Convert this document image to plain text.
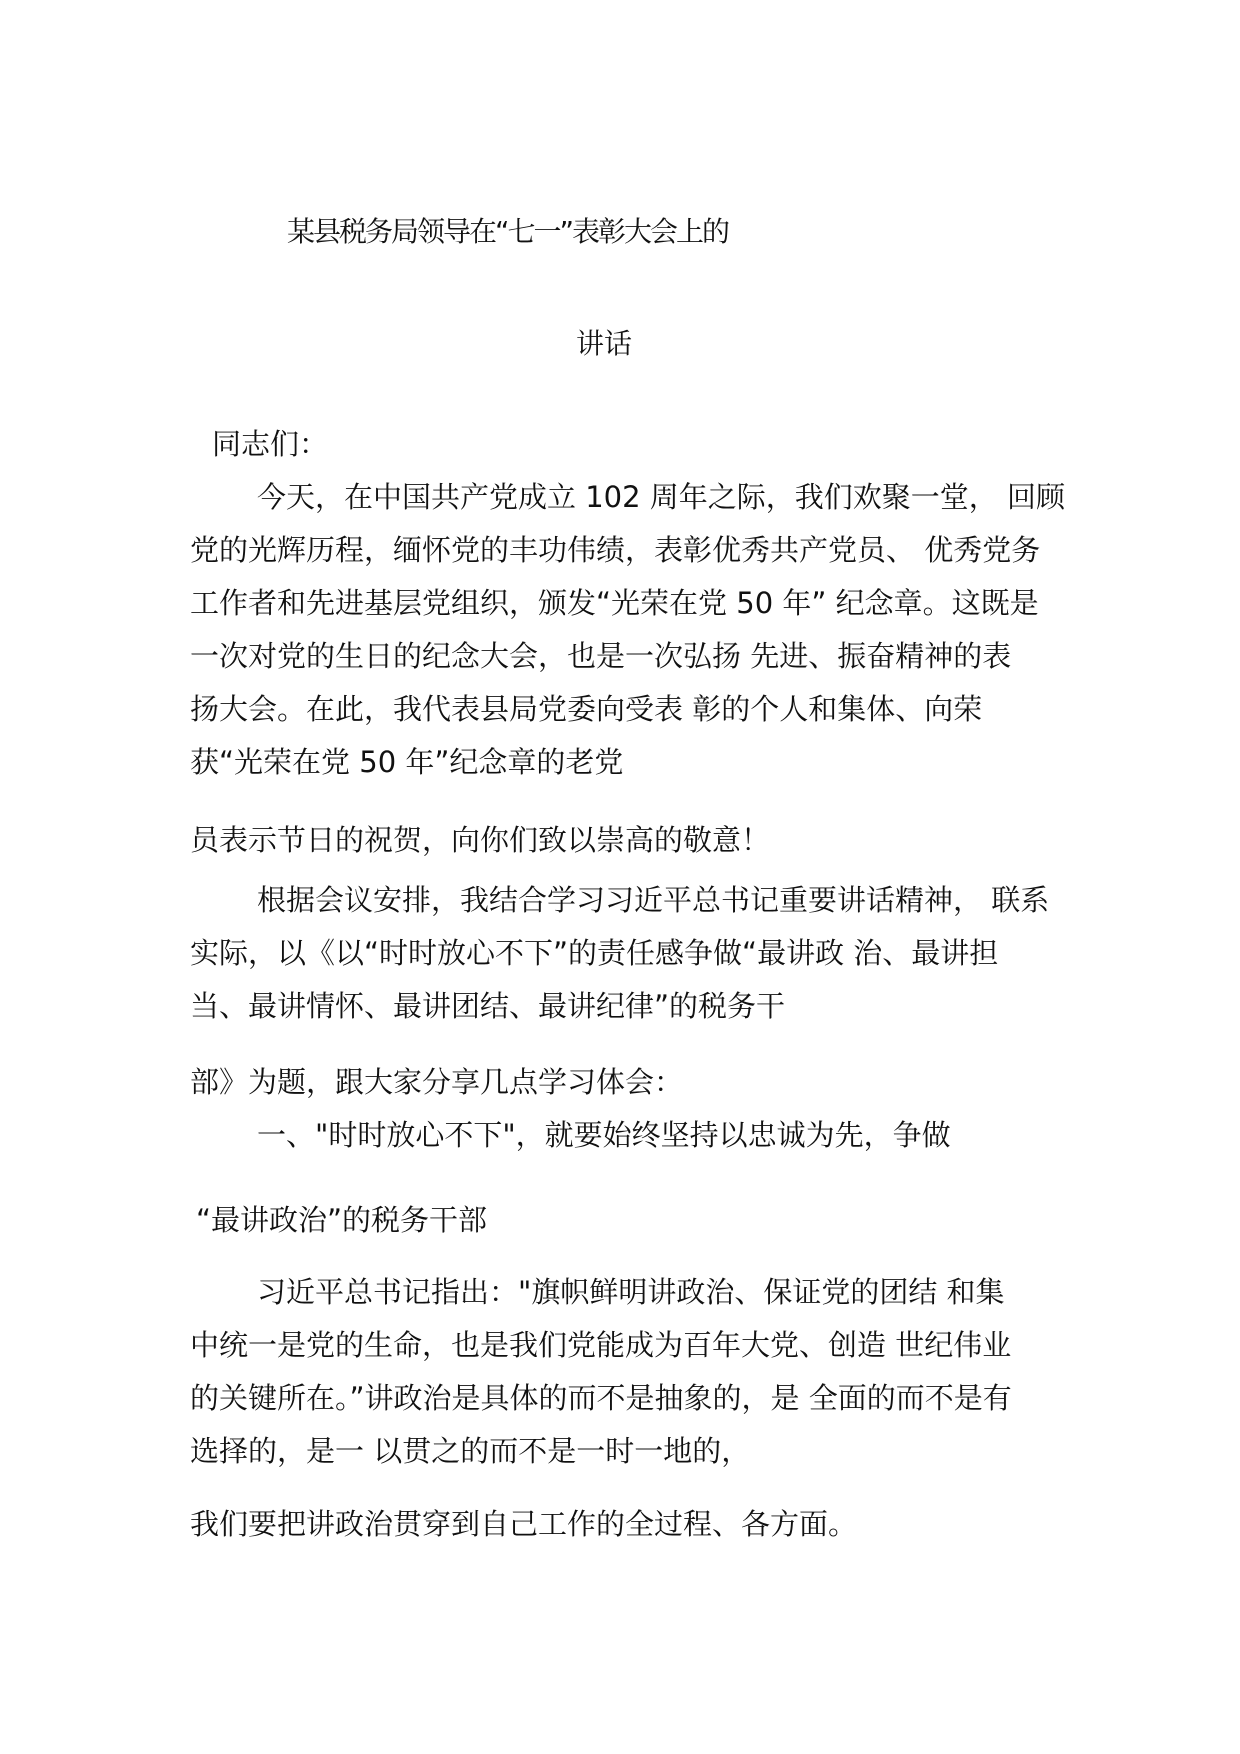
某县税务局领导在“七一”表彰大会上的
讲话
同志们：
今天，在中国共产党成立 102 周年之际，我们欢聚一堂， 回顾
党的光辉历程，缅怀党的丰功伟绩，表彰优秀共产党员、 优秀党务
工作者和先进基层党组织，颁发“光荣在党 50 年” 纪念章。这既是
一次对党的生日的纪念大会，也是一次弘扬 先进、振奋精神的表
扬大会。在此，我代表县局党委向受表 彰的个人和集体、向荣
获“光荣在党 50 年”纪念章的老党
员表示节日的祝贺，向你们致以崇高的敬意！
根据会议安排，我结合学习习近平总书记重要讲话精神， 联系
实际，以《以“时时放心不下”的责任感争做“最讲政 治、最讲担
当、最讲情怀、最讲团结、最讲纪律”的税务干
部》为题，跟大家分享几点学习体会：
一、"时时放心不下"，就要始终坚持以忠诚为先，争做
“最讲政治”的税务干部
习近平总书记指出："旗帜鲜明讲政治、保证党的团结 和集
中统一是党的生命，也是我们党能成为百年大党、创造 世纪伟业
的关键所在。”讲政治是具体的而不是抽象的，是 全面的而不是有
选择的，是一 以贯之的而不是一时一地的，
我们要把讲政治贯穿到自己工作的全过程、各方面。
